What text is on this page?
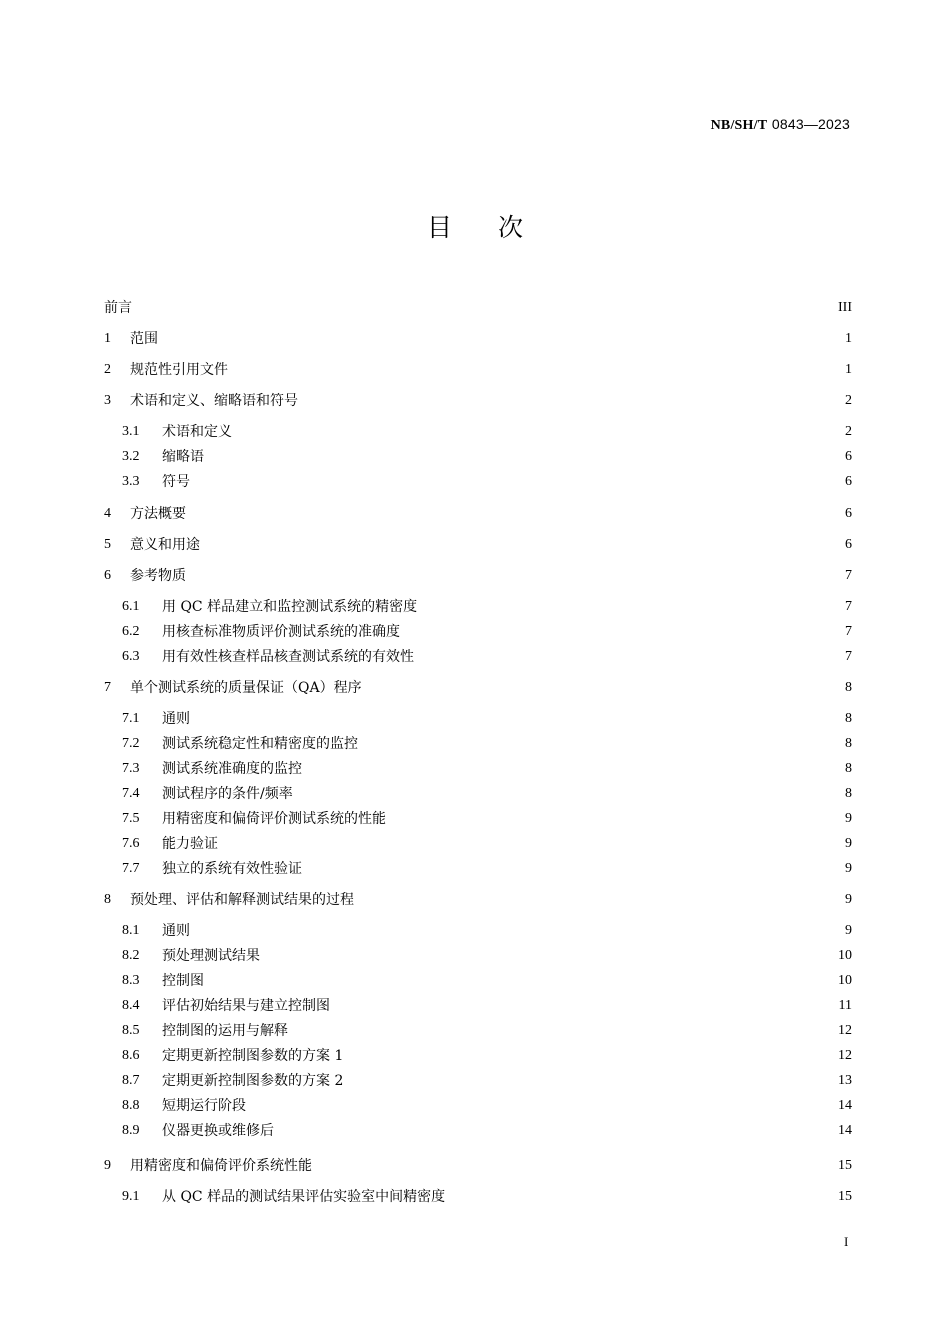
NB/SH/T 0843—2023
目 次
前言	III
1 范围	1
2 规范性引用文件	1
3 术语和定义、缩略语和符号	2
3.1 术语和定义	2
3.2 缩略语	6
3.3 符号	6
4 方法概要	6
5 意义和用途	6
6 参考物质	7
6.1 用 QC 样品建立和监控测试系统的精密度	7
6.2 用核查标准物质评价测试系统的准确度	7
6.3 用有效性核查样品核查测试系统的有效性	7
7 单个测试系统的质量保证（QA）程序	8
7.1 通则	8
7.2 测试系统稳定性和精密度的监控	8
7.3 测试系统准确度的监控	8
7.4 测试程序的条件/频率	8
7.5 用精密度和偏倚评价测试系统的性能	9
7.6 能力验证	9
7.7 独立的系统有效性验证	9
8 预处理、评估和解释测试结果的过程	9
8.1 通则	9
8.2 预处理测试结果	10
8.3 控制图	10
8.4 评估初始结果与建立控制图	11
8.5 控制图的运用与解释	12
8.6 定期更新控制图参数的方案 1	12
8.7 定期更新控制图参数的方案 2	13
8.8 短期运行阶段	14
8.9 仪器更换或维修后	14
9 用精密度和偏倚评价系统性能	15
9.1 从 QC 样品的测试结果评估实验室中间精密度	15
I
